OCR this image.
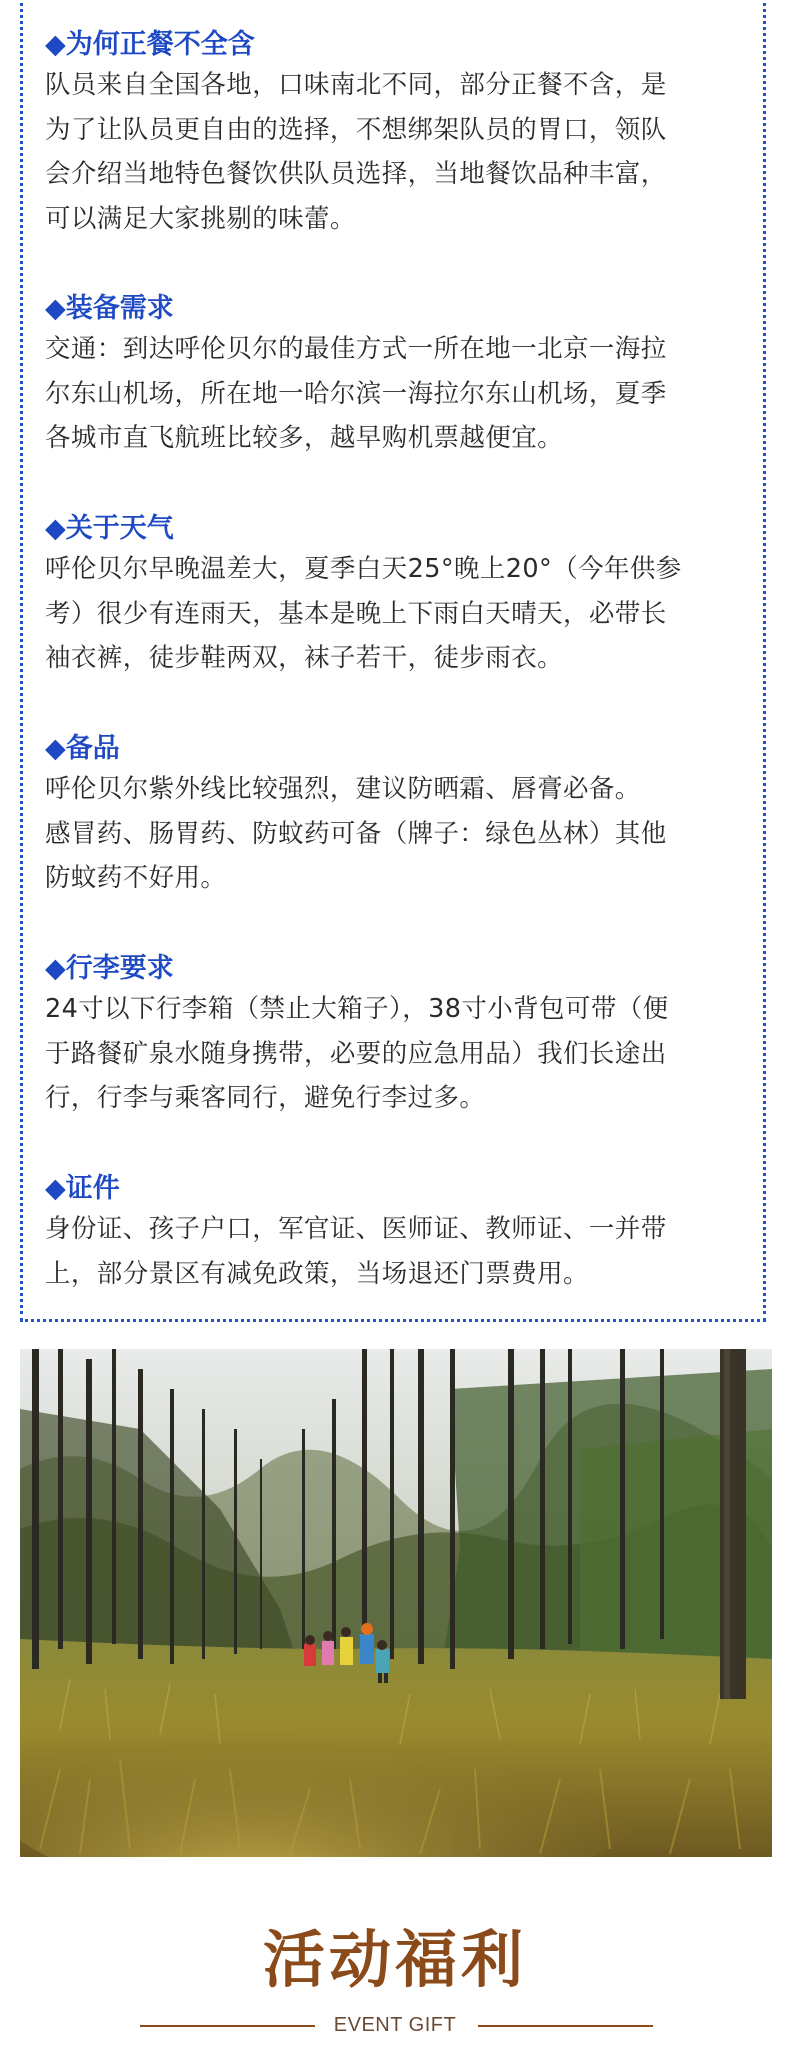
◆为何正餐不全含

队员来自全国各地，口味南北不同，部分正餐不含，是
为了让队员更自由的选择，不想绑架队员的胃口，领队
会介绍当地特色餐饮供队员选择，当地餐饮品种丰富，
可以满足大家挑剔的味蕾。

◆装备需求

交通：到达呼伦贝尔的最佳方式一所在地一北京一海拉
尔东山机场，所在地一哈尔滨一海拉尔东山机场，夏季
各城市直飞航班比较多，越早购机票越便宜。

◆关于天气

呼伦贝尔早晚温差大，夏季白天25°晚上20°（今年供参
考）很少有连雨天，基本是晚上下雨白天晴天，必带长
袖衣裤，徒步鞋两双，袜子若干，徒步雨衣。

◆备品

呼伦贝尔紫外线比较强烈，建议防晒霜、唇膏必备。
感冒药、肠胃药、防蚊药可备（牌子：绿色丛林）其他
防蚊药不好用。

◆行李要求

24寸以下行李箱（禁止大箱子），38寸小背包可带（便
于路餐矿泉水随身携带，必要的应急用品）我们长途出
行，行李与乘客同行，避免行李过多。

◆证件

身份证、孩子户口，军官证、医师证、教师证、一并带
上，部分景区有减免政策，当场退还门票费用。

活动福利
EVENT GIFT
